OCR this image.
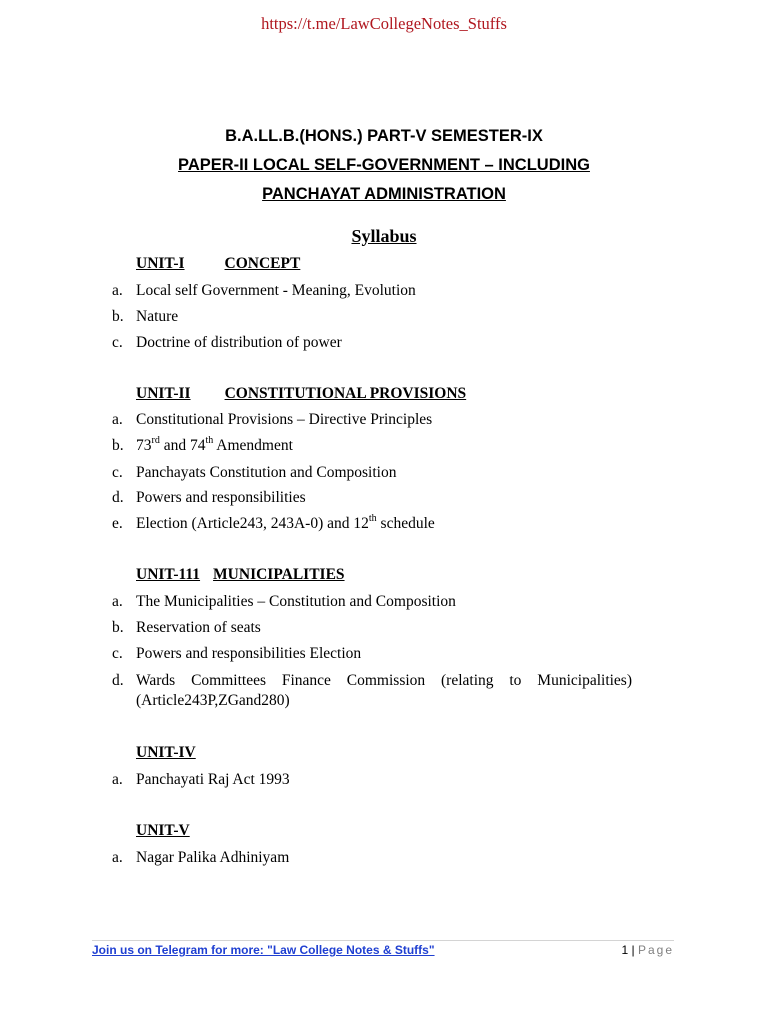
https://t.me/LawCollegeNotes_Stuffs
B.A.LL.B.(HONS.) PART-V SEMESTER-IX
PAPER-II LOCAL SELF-GOVERNMENT – INCLUDING
PANCHAYAT ADMINISTRATION
Syllabus
UNIT-I	CONCEPT
a. Local self Government - Meaning, Evolution
b. Nature
c. Doctrine of distribution of power
UNIT-II CONSTITUTIONAL PROVISIONS
a. Constitutional Provisions – Directive Principles
b. 73rd and 74th Amendment
c. Panchayats Constitution and Composition
d. Powers and responsibilities
e. Election (Article243, 243A-0) and 12th schedule
UNIT-111 MUNICIPALITIES
a. The Municipalities – Constitution and Composition
b. Reservation of seats
c. Powers and responsibilities Election
d. Wards Committees Finance Commission (relating to Municipalities) (Article243P,ZGand280)
UNIT-IV
a. Panchayati Raj Act 1993
UNIT-V
a. Nagar Palika Adhiniyam
Join us on Telegram for more: "Law College Notes & Stuffs"	1 | Page
